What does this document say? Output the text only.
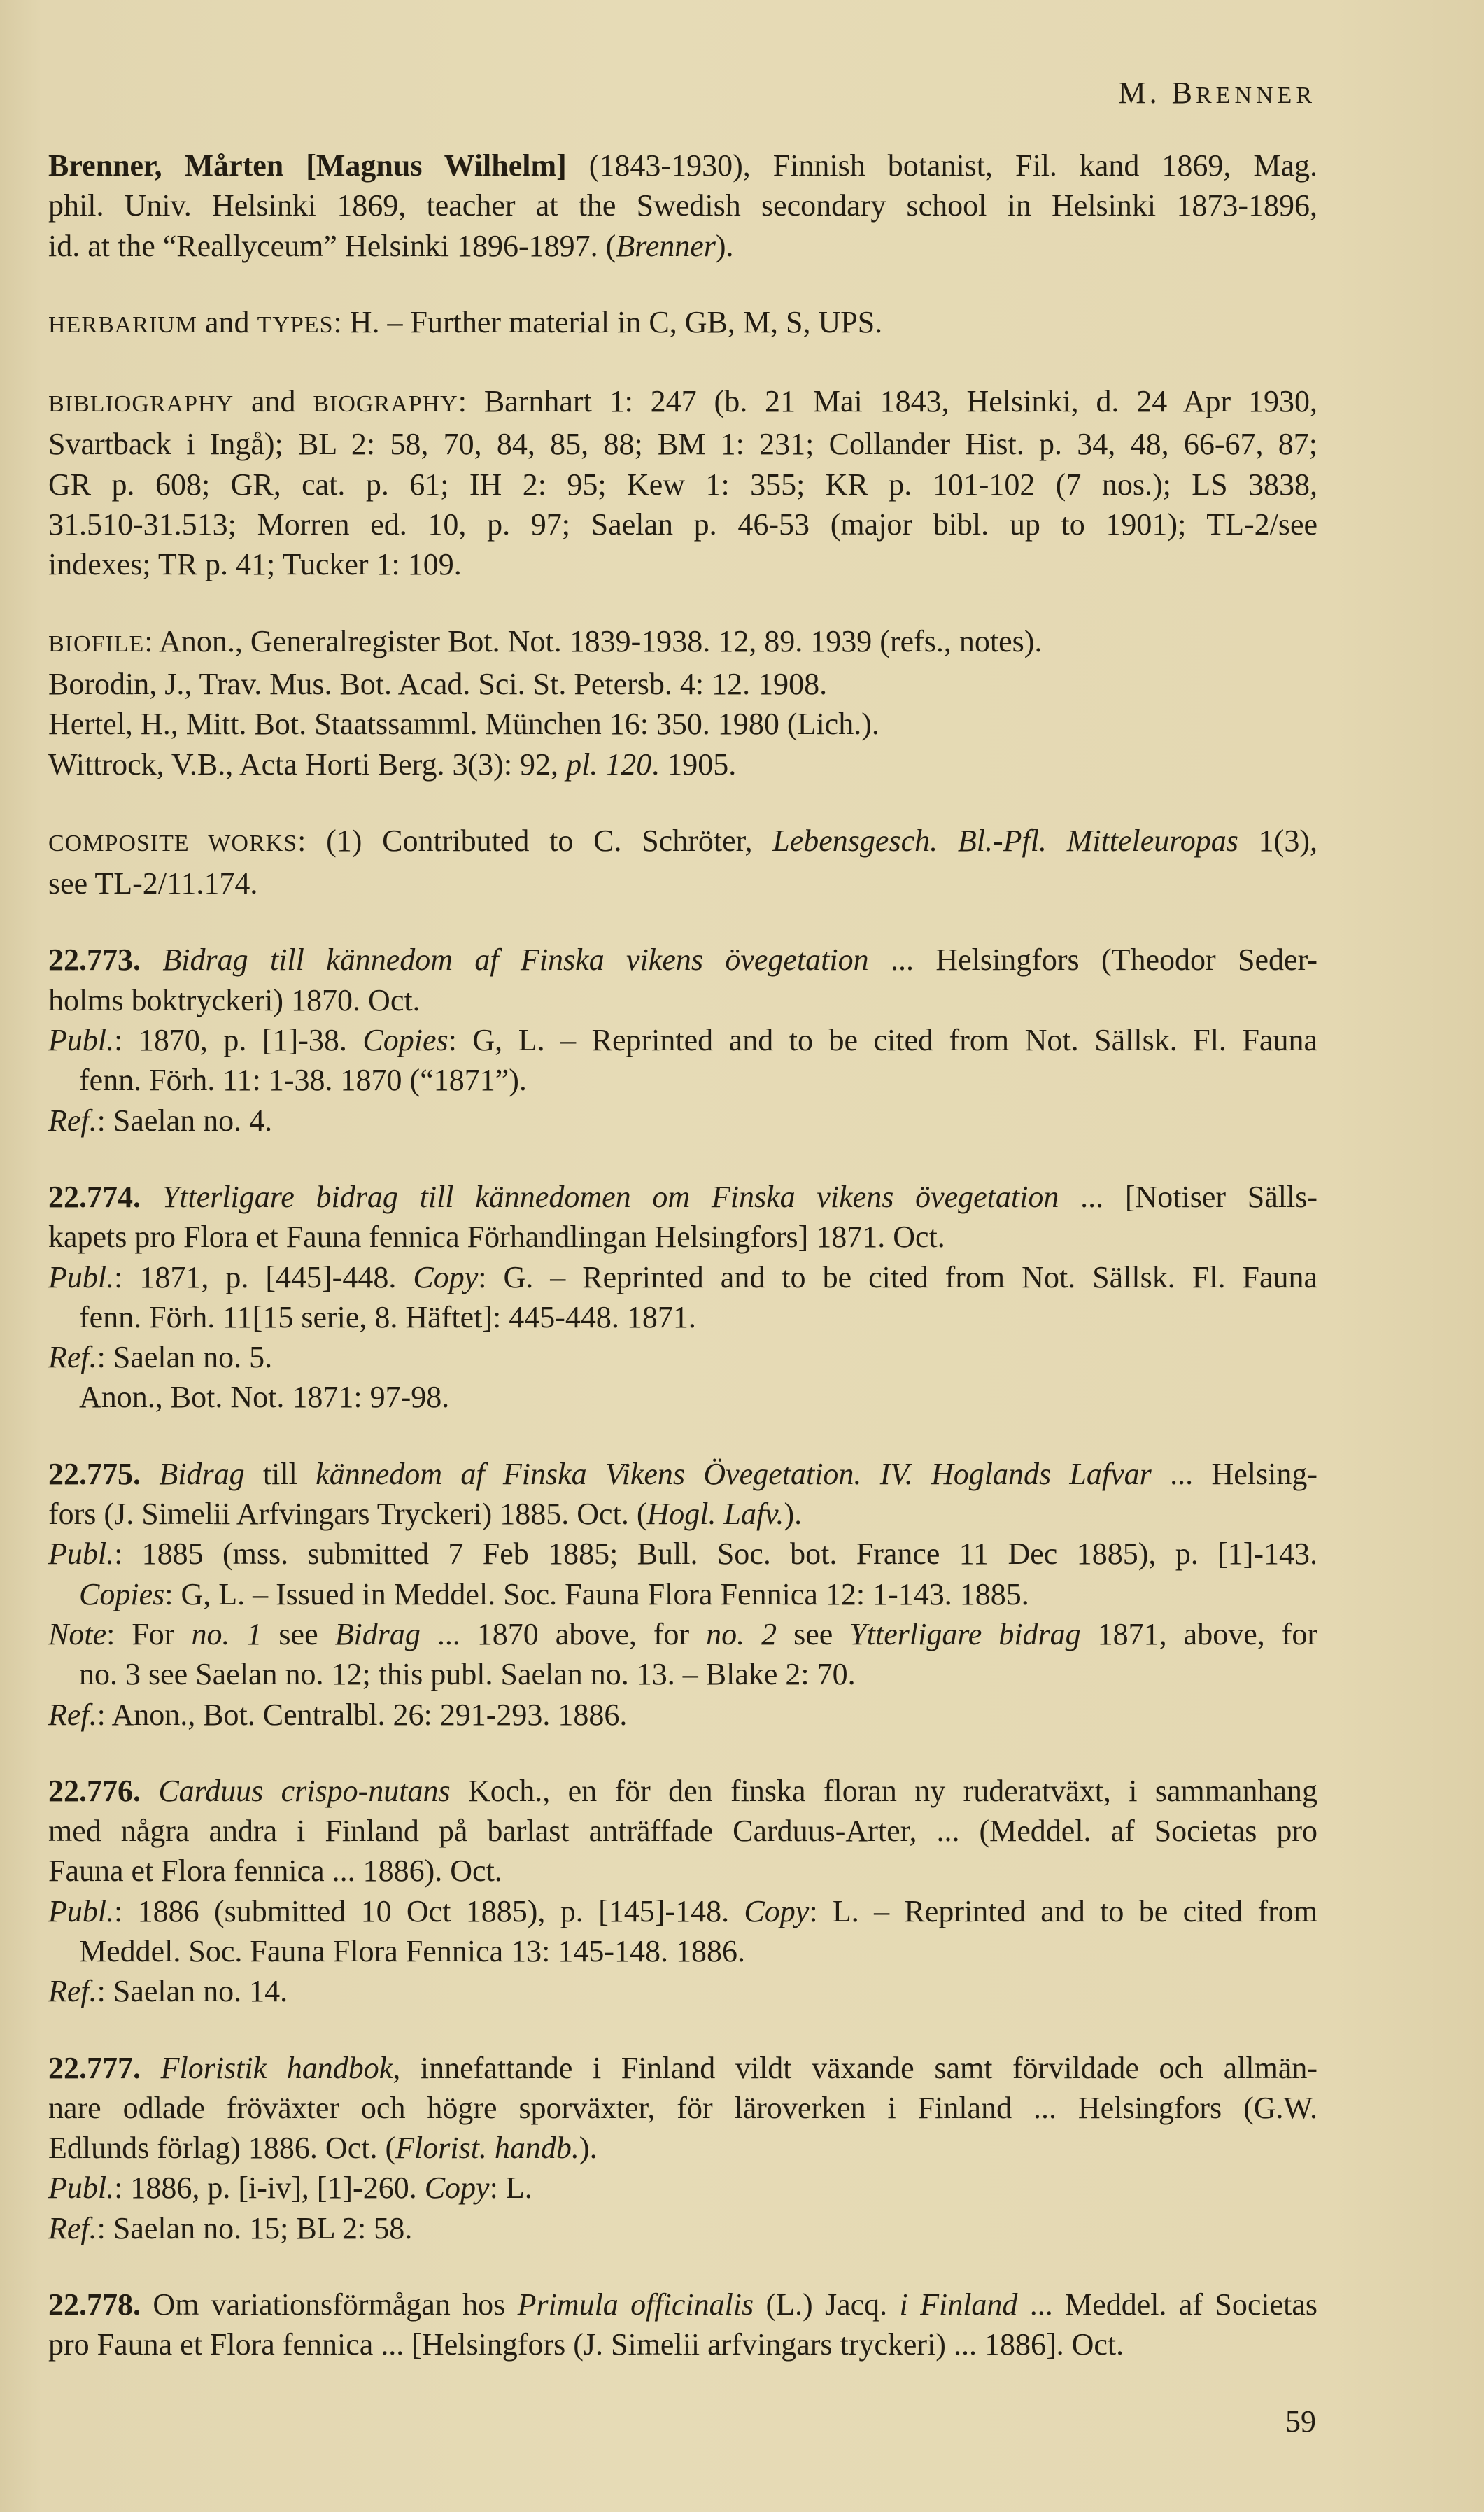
M. BRENNER
Brenner, Mårten [Magnus Wilhelm] (1843-1930), Finnish botanist, Fil. kand 1869, Mag.
phil. Univ. Helsinki 1869, teacher at the Swedish secondary school in Helsinki 1873-1896,
id. at the “Reallyceum” Helsinki 1896-1897. (Brenner).
HERBARIUM and TYPES: H. – Further material in C, GB, M, S, UPS.
BIBLIOGRAPHY and BIOGRAPHY: Barnhart 1: 247 (b. 21 Mai 1843, Helsinki, d. 24 Apr 1930,
Svartback i Ingå); BL 2: 58, 70, 84, 85, 88; BM 1: 231; Collander Hist. p. 34, 48, 66-67, 87;
GR p. 608; GR, cat. p. 61; IH 2: 95; Kew 1: 355; KR p. 101-102 (7 nos.); LS 3838,
31.510-31.513; Morren ed. 10, p. 97; Saelan p. 46-53 (major bibl. up to 1901); TL-2/see
indexes; TR p. 41; Tucker 1: 109.
BIOFILE: Anon., Generalregister Bot. Not. 1839-1938. 12, 89. 1939 (refs., notes).
Borodin, J., Trav. Mus. Bot. Acad. Sci. St. Petersb. 4: 12. 1908.
Hertel, H., Mitt. Bot. Staatssamml. München 16: 350. 1980 (Lich.).
Wittrock, V.B., Acta Horti Berg. 3(3): 92, pl. 120. 1905.
COMPOSITE WORKS: (1) Contributed to C. Schröter, Lebensgesch. Bl.-Pfl. Mitteleuropas 1(3),
see TL-2/11.174.
22.773. Bidrag till kännedom af Finska vikens övegetation ... Helsingfors (Theodor Seder-
holms boktryckeri) 1870. Oct.
Publ.: 1870, p. [1]-38. Copies: G, L. – Reprinted and to be cited from Not. Sällsk. Fl. Fauna
fenn. Förh. 11: 1-38. 1870 (“1871”).
Ref.: Saelan no. 4.
22.774. Ytterligare bidrag till kännedomen om Finska vikens övegetation ... [Notiser Sälls-
kapets pro Flora et Fauna fennica Förhandlingan Helsingfors] 1871. Oct.
Publ.: 1871, p. [445]-448. Copy: G. – Reprinted and to be cited from Not. Sällsk. Fl. Fauna
fenn. Förh. 11[15 serie, 8. Häftet]: 445-448. 1871.
Ref.: Saelan no. 5.
Anon., Bot. Not. 1871: 97-98.
22.775. Bidrag till kännedom af Finska Vikens Övegetation. IV. Hoglands Lafvar ... Helsing-
fors (J. Simelii Arfvingars Tryckeri) 1885. Oct. (Hogl. Lafv.).
Publ.: 1885 (mss. submitted 7 Feb 1885; Bull. Soc. bot. France 11 Dec 1885), p. [1]-143.
Copies: G, L. – Issued in Meddel. Soc. Fauna Flora Fennica 12: 1-143. 1885.
Note: For no. 1 see Bidrag ... 1870 above, for no. 2 see Ytterligare bidrag 1871, above, for
no. 3 see Saelan no. 12; this publ. Saelan no. 13. – Blake 2: 70.
Ref.: Anon., Bot. Centralbl. 26: 291-293. 1886.
22.776. Carduus crispo-nutans Koch., en för den finska floran ny ruderatväxt, i sammanhang
med några andra i Finland på barlast anträffade Carduus-Arter, ... (Meddel. af Societas pro
Fauna et Flora fennica ... 1886). Oct.
Publ.: 1886 (submitted 10 Oct 1885), p. [145]-148. Copy: L. – Reprinted and to be cited from
Meddel. Soc. Fauna Flora Fennica 13: 145-148. 1886.
Ref.: Saelan no. 14.
22.777. Floristik handbok, innefattande i Finland vildt växande samt förvildade och allmän-
nare odlade fröväxter och högre sporväxter, för läroverken i Finland ... Helsingfors (G.W.
Edlunds förlag) 1886. Oct. (Florist. handb.).
Publ.: 1886, p. [i-iv], [1]-260. Copy: L.
Ref.: Saelan no. 15; BL 2: 58.
22.778. Om variationsförmågan hos Primula officinalis (L.) Jacq. i Finland ... Meddel. af Societas
pro Fauna et Flora fennica ... [Helsingfors (J. Simelii arfvingars tryckeri) ... 1886]. Oct.
59
